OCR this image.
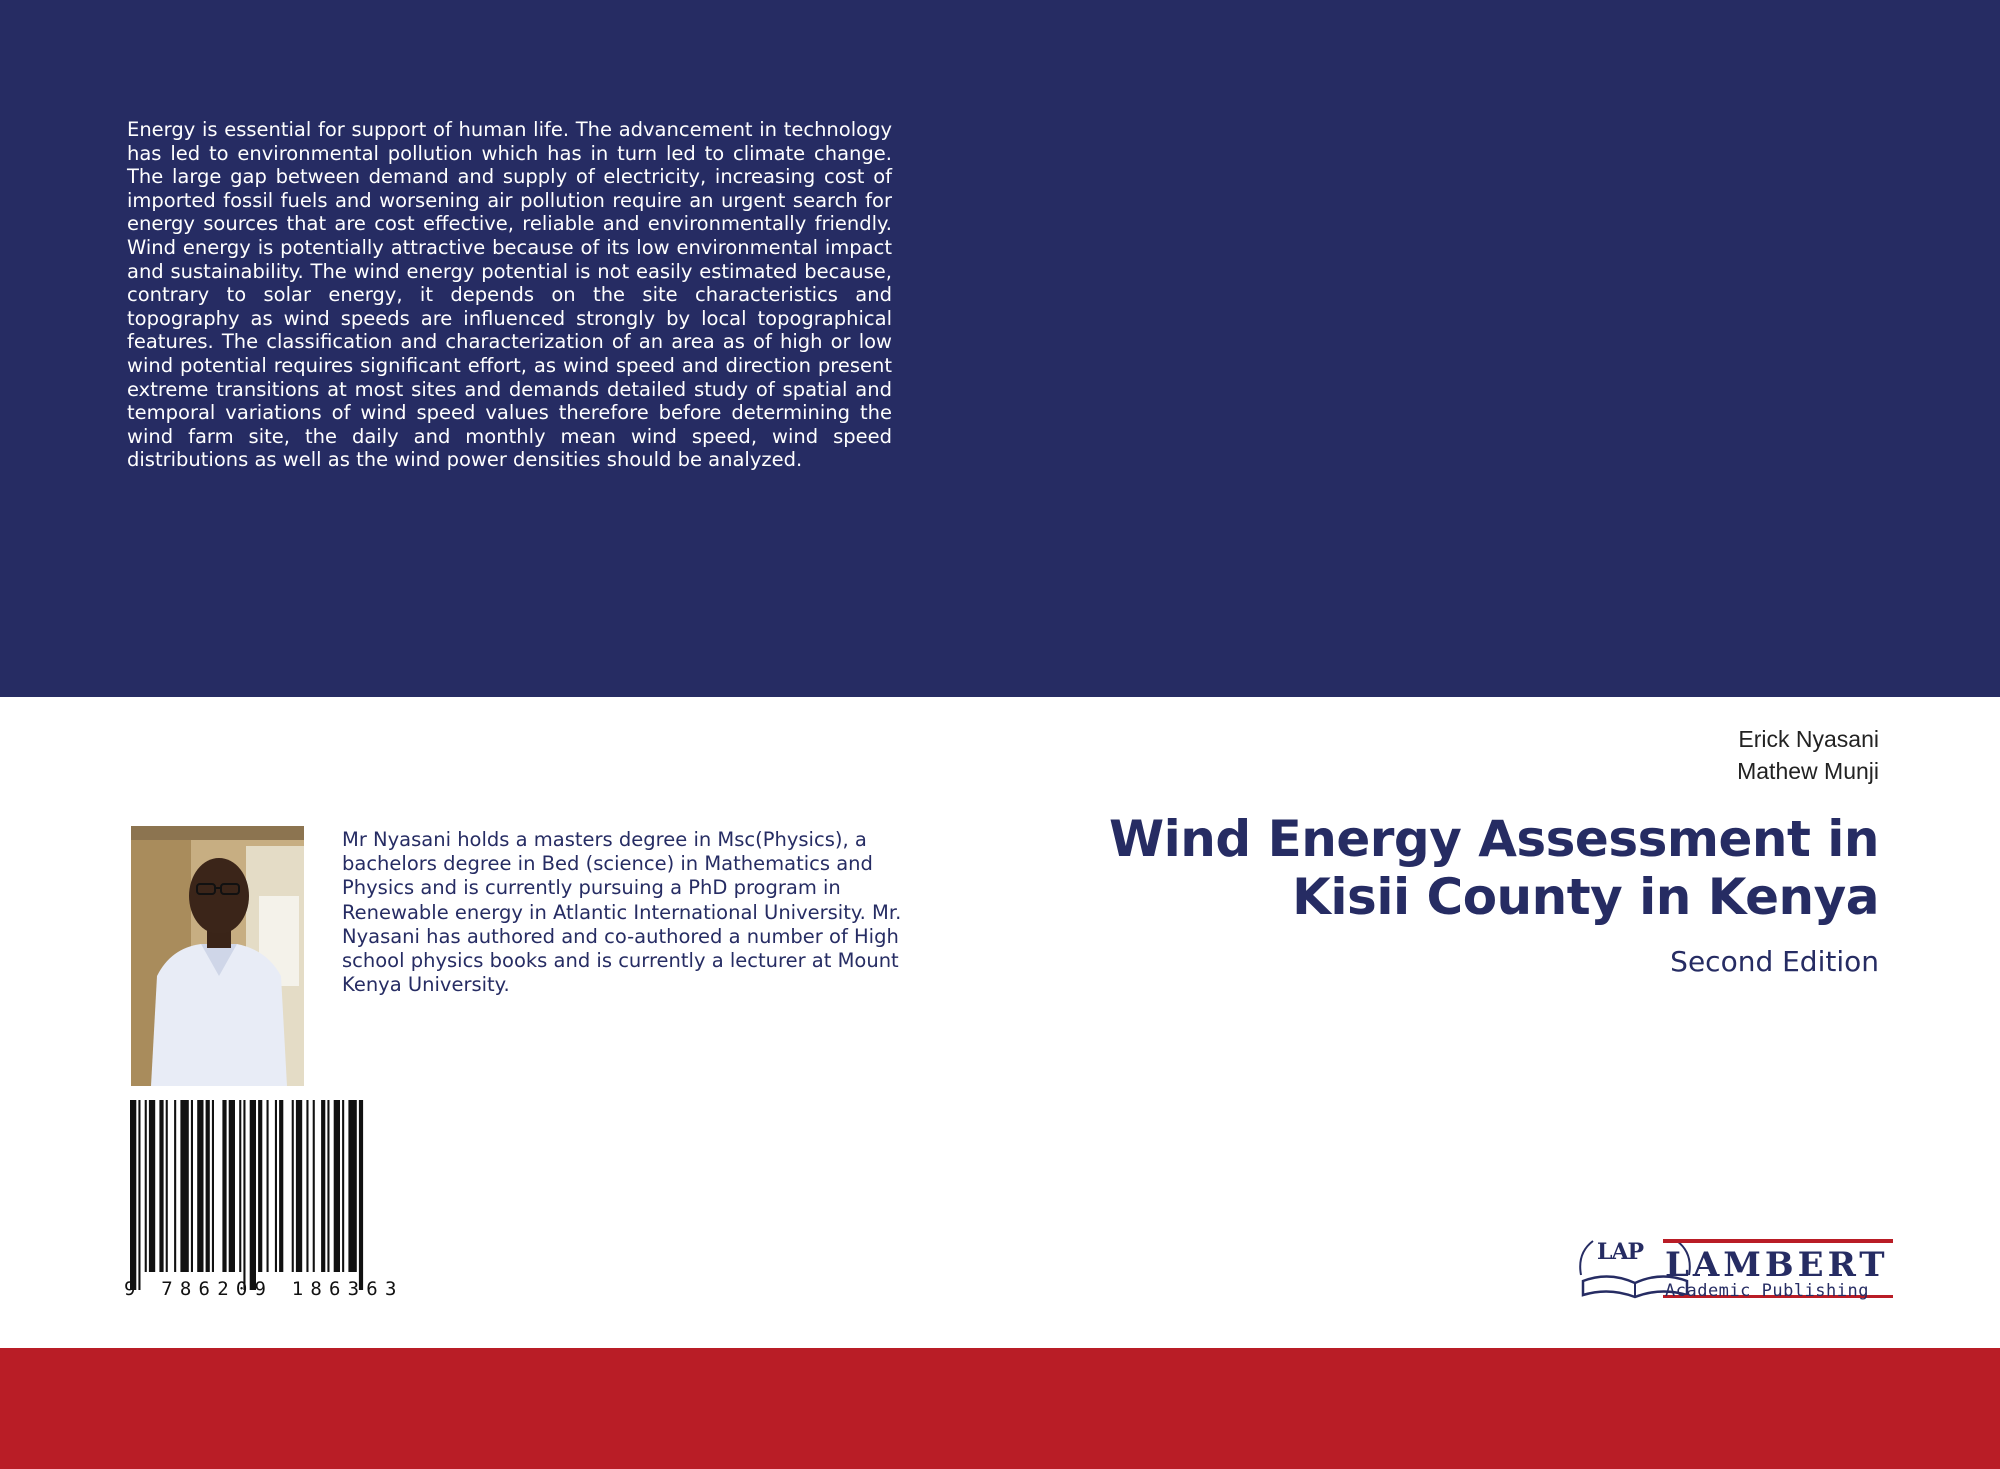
Energy is essential for support of human life. The advancement in technology has led to environmental pollution which has in turn led to climate change. The large gap between demand and supply of electricity, increasing cost of imported fossil fuels and worsening air pollution require an urgent search for energy sources that are cost effective, reliable and environmentally friendly. Wind energy is potentially attractive because of its low environmental impact and sustainability. The wind energy potential is not easily estimated because, contrary to solar energy, it depends on the site characteristics and topography as wind speeds are influenced strongly by local topographical features. The classification and characterization of an area as of high or low wind potential requires significant effort, as wind speed and direction present extreme transitions at most sites and demands detailed study of spatial and temporal variations of wind speed values therefore before determining the wind farm site, the daily and monthly mean wind speed, wind speed distributions as well as the wind power densities should be analyzed.

Erick Nyasani
Mathew Munji
Wind Energy Assessment in
Kisii County in Kenya
Second Edition

Mr Nyasani holds a masters degree in Msc(Physics), a bachelors degree in Bed (science) in Mathematics and Physics and is currently pursuing a PhD program in Renewable energy in Atlantic International University. Mr. Nyasani has authored and co-authored a number of High school physics books and is currently a lecturer at Mount Kenya University.

9 786209 186363
LAP LAMBERT
Academic Publishing
